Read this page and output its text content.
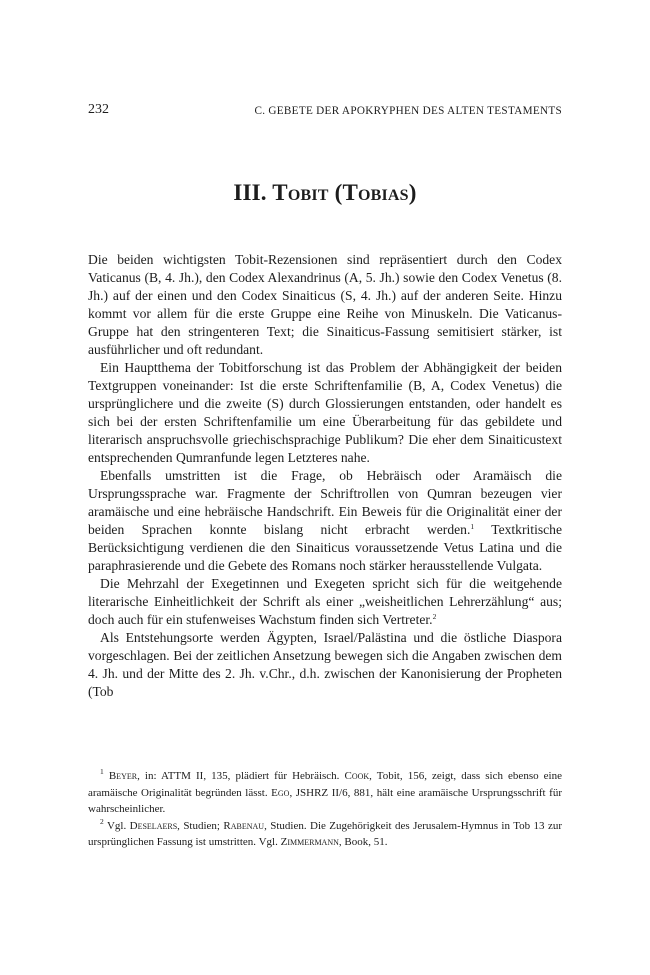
232	C. GEBETE DER APOKRYPHEN DES ALTEN TESTAMENTS
III. Tobit (Tobias)

Die beiden wichtigsten Tobit-Rezensionen sind repräsentiert durch den Codex Vaticanus (B, 4. Jh.), den Codex Alexandrinus (A, 5. Jh.) sowie den Codex Venetus (8. Jh.) auf der einen und den Codex Sinaiticus (S, 4. Jh.) auf der anderen Seite. Hinzu kommt vor allem für die erste Gruppe eine Reihe von Minuskeln. Die Vaticanus-Gruppe hat den stringenteren Text; die Sinaiticus-Fassung semitisiert stärker, ist ausführlicher und oft redundant.

Ein Hauptthema der Tobitforschung ist das Problem der Abhängigkeit der beiden Textgruppen voneinander: Ist die erste Schriftenfamilie (B, A, Codex Venetus) die ursprünglichere und die zweite (S) durch Glossierungen entstanden, oder handelt es sich bei der ersten Schriftenfamilie um eine Überarbeitung für das gebildete und literarisch anspruchsvolle griechischsprachige Publikum? Die eher dem Sinaiticustext entsprechenden Qumranfunde legen Letzteres nahe.

Ebenfalls umstritten ist die Frage, ob Hebräisch oder Aramäisch die Ursprungssprache war. Fragmente der Schriftrollen von Qumran bezeugen vier aramäische und eine hebräische Handschrift. Ein Beweis für die Originalität einer der beiden Sprachen konnte bislang nicht erbracht werden.$^1$ Textkritische Berücksichtigung verdienen die den Sinaiticus voraussetzende Vetus Latina und die paraphrasierende und die Gebete des Romans noch stärker herausstellende Vulgata.

Die Mehrzahl der Exegetinnen und Exegeten spricht sich für die weitgehende literarische Einheitlichkeit der Schrift als einer „weisheitlichen Lehrerzählung“ aus; doch auch für ein stufenweises Wachstum finden sich Vertreter.$^2$

Als Entstehungsorte werden Ägypten, Israel/Palästina und die östliche Diaspora vorgeschlagen. Bei der zeitlichen Ansetzung bewegen sich die Angaben zwischen dem 4. Jh. und der Mitte des 2. Jh. v.Chr., d.h. zwischen der Kanonisierung der Propheten (Tob

$^1$ Beyer, in: ATTM II, 135, plädiert für Hebräisch. Cook, Tobit, 156, zeigt, dass sich ebenso eine aramäische Originalität begründen lässt. Ego, JSHRZ II/6, 881, hält eine aramäische Ursprungsschrift für wahrscheinlicher.

$^2$ Vgl. Deselaers, Studien; Rabenau, Studien. Die Zugehörigkeit des Jerusalem-Hymnus in Tob 13 zur ursprünglichen Fassung ist umstritten. Vgl. Zimmermann, Book, 51.
